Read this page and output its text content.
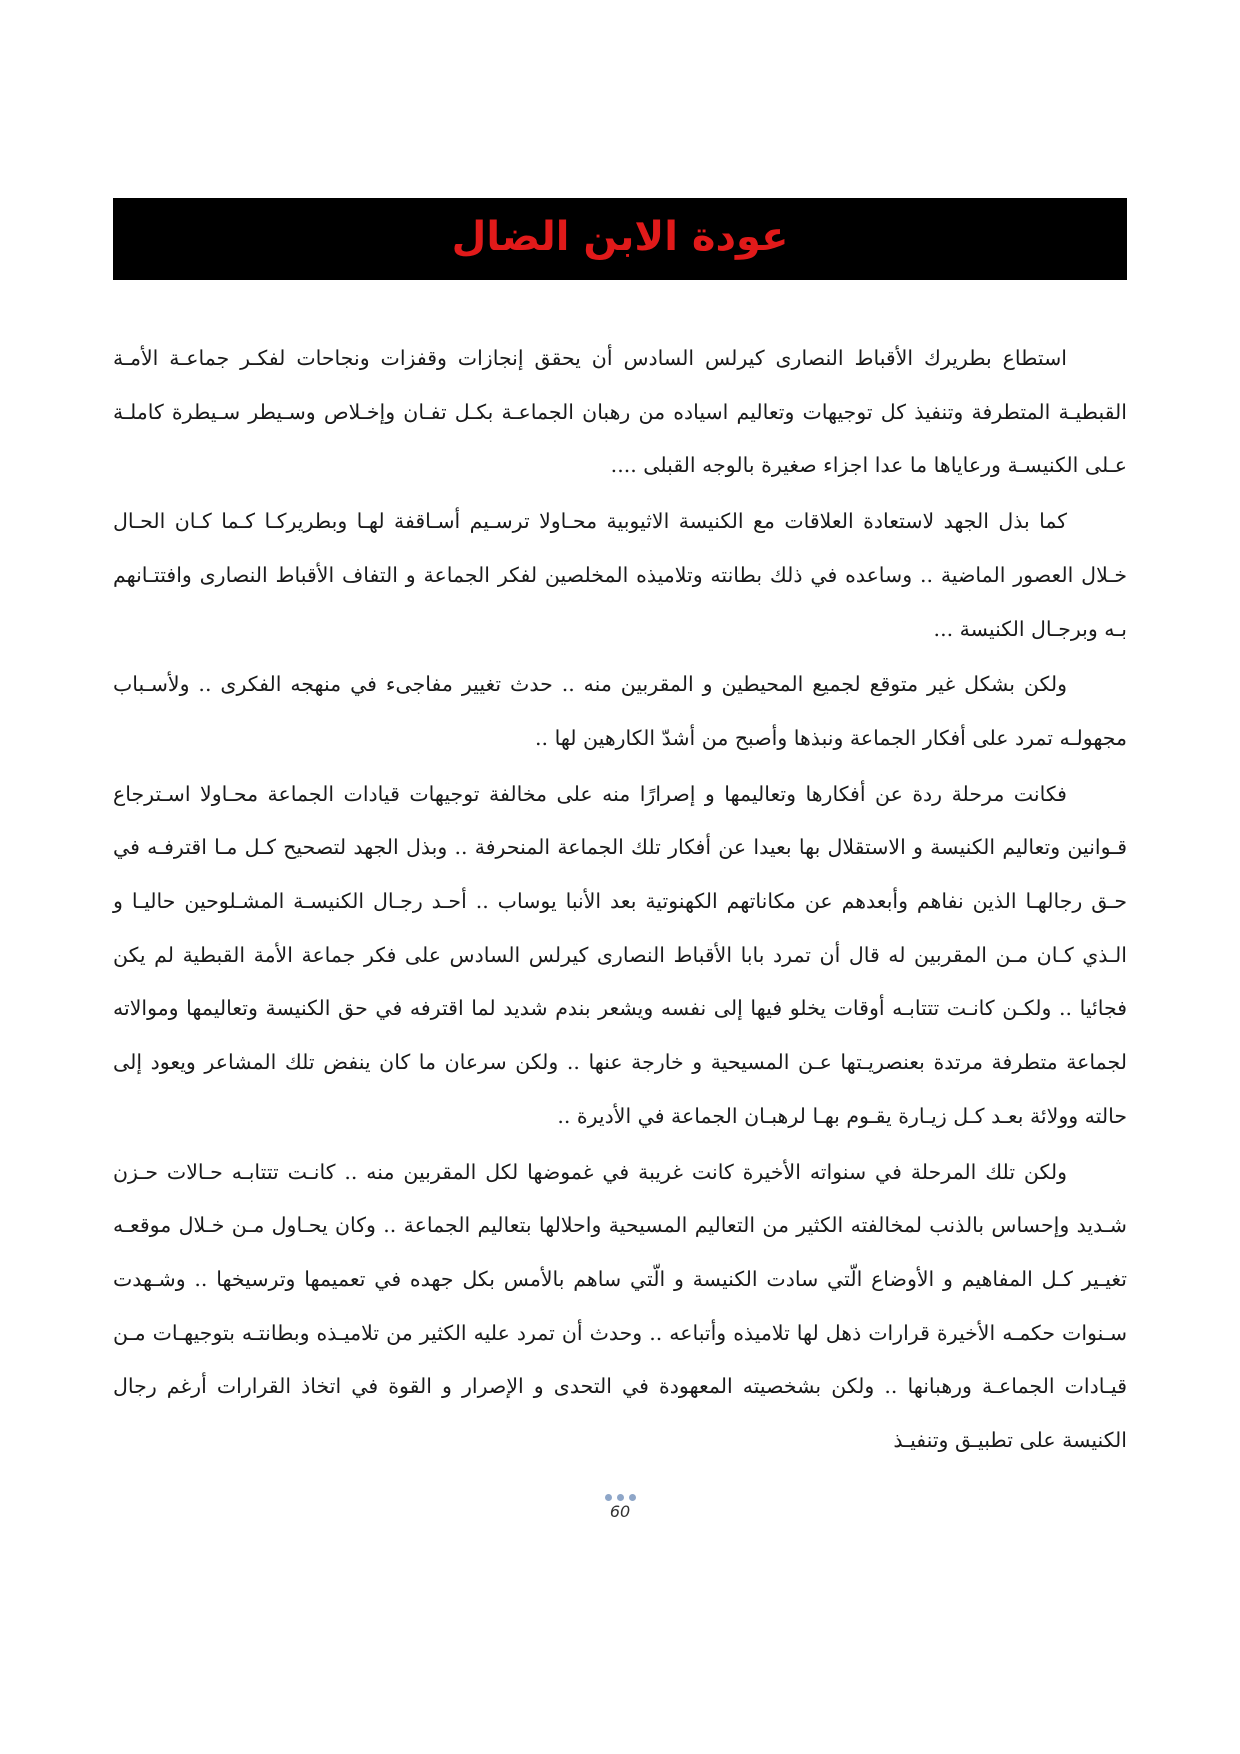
عودة الابن الضال

استطاع بطريرك الأقباط النصارى كيرلس السادس أن يحقق إنجازات وقفزات ونجاحات لفكـر جماعـة الأمـة القبطيـة المتطرفة وتنفيذ كل توجيهات وتعاليم اسياده من رهبان الجماعـة بكـل تفـان وإخـلاص وسـيطر سـيطرة كاملـة عـلى الكنيسـة ورعاياها ما عدا اجزاء صغيرة بالوجه القبلى ....

كما بذل الجهد لاستعادة العلاقات مع الكنيسة الاثيوبية محـاولا ترسـيم أسـاقفة لهـا وبطريركـا كـما كـان الحـال خـلال العصور الماضية .. وساعده في ذلك بطانته وتلاميذه المخلصين لفكر الجماعة و التفاف الأقباط النصارى وافتتـانهم بـه وبرجـال الكنيسة ...

ولكن بشكل غير متوقع لجميع المحيطين و المقربين منه .. حدث تغيير مفاجىء في منهجه الفكرى .. ولأسـباب مجهولـه تمرد على أفكار الجماعة ونبذها وأصبح من أشدّ الكارهين لها ..

فكانت مرحلة ردة عن أفكارها وتعاليمها و إصرارًا منه على مخالفة توجيهات قيادات الجماعة محـاولا اسـترجاع قـوانين وتعاليم الكنيسة و الاستقلال بها بعيدا عن أفكار تلك الجماعة المنحرفة .. وبذل الجهد لتصحيح كـل مـا اقترفـه في حـق رجالهـا الذين نفاهم وأبعدهم عن مكاناتهم الكهنوتية بعد الأنبا يوساب .. أحـد رجـال الكنيسـة المشـلوحين حاليـا و الـذي كـان مـن المقربين له قال أن تمرد بابا الأقباط النصارى كيرلس السادس على فكر جماعة الأمة القبطية لم يكن فجائيا .. ولكـن كانـت تتتابـه أوقات يخلو فيها إلى نفسه ويشعر بندم شديد لما اقترفه في حق الكنيسة وتعاليمها وموالاته لجماعة متطرفة مرتدة بعنصريـتها عـن المسيحية و خارجة عنها .. ولكن سرعان ما كان ينفض تلك المشاعر ويعود إلى حالته وولائة بعـد كـل زيـارة يقـوم بهـا لرهبـان الجماعة في الأديرة ..

ولكن تلك المرحلة في سنواته الأخيرة كانت غريبة في غموضها لكل المقربين منه .. كانـت تتتابـه حـالات حـزن شـديد وإحساس بالذنب لمخالفته الكثير من التعاليم المسيحية واحلالها بتعاليم الجماعة .. وكان يحـاول مـن خـلال موقعـه تغيـير كـل المفاهيم و الأوضاع الّتي سادت الكنيسة و الّتي ساهم بالأمس بكل جهده في تعميمها وترسيخها .. وشـهدت سـنوات حكمـه الأخيرة قرارات ذهل لها تلاميذه وأتباعه .. وحدث أن تمرد عليه الكثير من تلاميـذه وبطانتـه بتوجيهـات مـن قيـادات الجماعـة ورهبانها .. ولكن بشخصيته المعهودة في التحدى و الإصرار و القوة في اتخاذ القرارات أرغم رجال الكنيسة على تطبيـق وتنفيـذ

60
